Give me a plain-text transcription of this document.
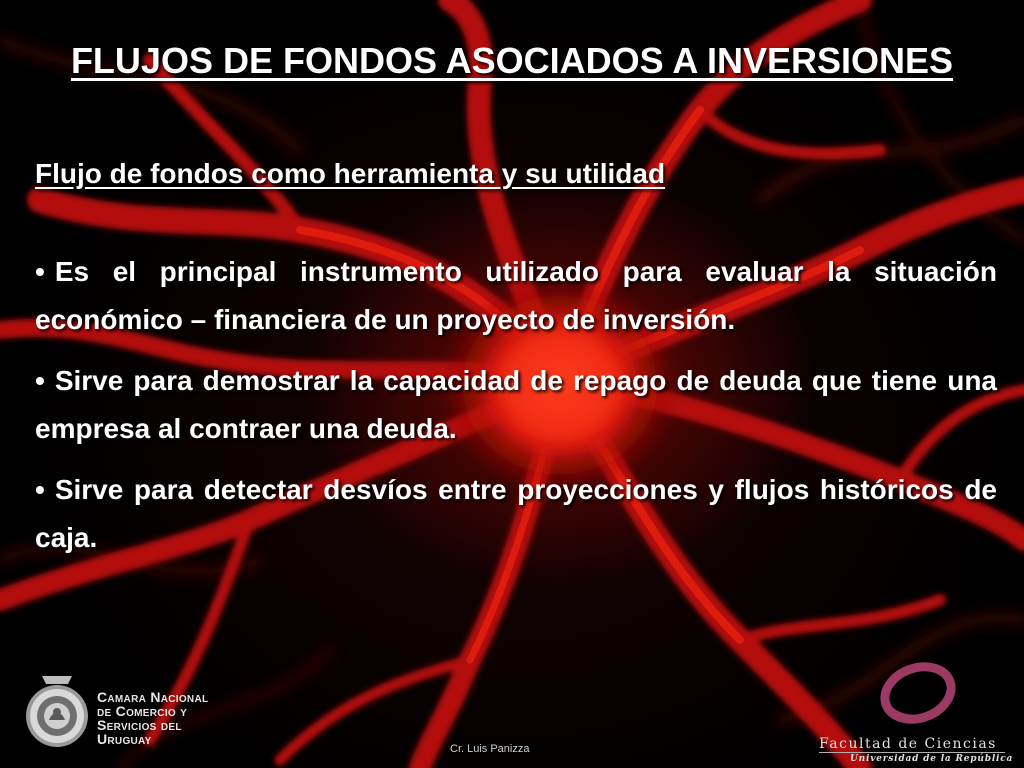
FLUJOS DE FONDOS ASOCIADOS A INVERSIONES
Flujo de fondos como herramienta y su utilidad
• Es el principal instrumento utilizado para evaluar la situación económico – financiera de un proyecto de inversión.
• Sirve para demostrar la capacidad de repago de deuda que tiene una empresa al contraer una deuda.
• Sirve para detectar desvíos entre proyecciones y flujos históricos de caja.
Camara Nacional
de Comercio y
Servicios del
Uruguay
Cr. Luis Panizza	Facultad de Ciencias
Universidad de la República
